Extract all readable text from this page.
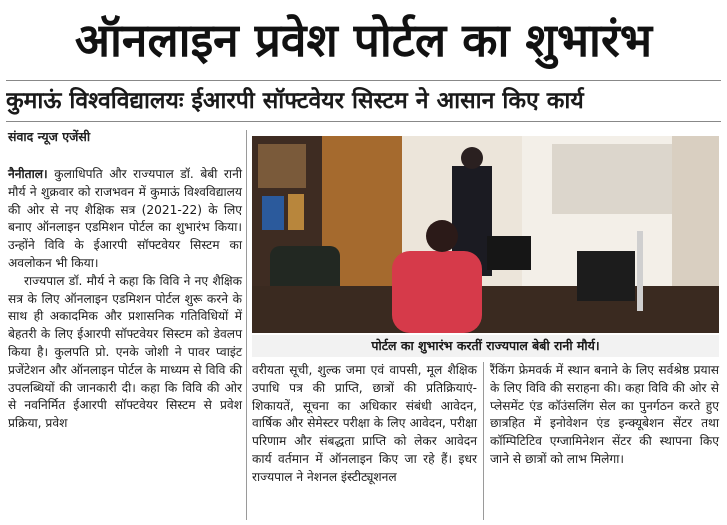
ऑनलाइन प्रवेश पोर्टल का शुभारंभ
कुमाऊं विश्वविद्यालयः ईआरपी सॉफ्टवेयर सिस्टम ने आसान किए कार्य
संवाद न्यूज एजेंसी

नैनीताल। कुलाधिपति और राज्यपाल डॉ. बेबी रानी मौर्य ने शुक्रवार को राजभवन में कुमाऊं विश्वविद्यालय की ओर से नए शैक्षिक सत्र (2021-22) के लिए बनाए ऑनलाइन एडमिशन पोर्टल का शुभारंभ किया। उन्होंने विवि के ईआरपी सॉफ्टवेयर सिस्टम का अवलोकन भी किया।

राज्यपाल डॉ. मौर्य ने कहा कि विवि ने नए शैक्षिक सत्र के लिए ऑनलाइन एडमिशन पोर्टल शुरू करने के साथ ही अकादमिक और प्रशासनिक गतिविधियों में बेहतरी के लिए ईआरपी सॉफ्टवेयर सिस्टम को डेवलप किया है। कुलपति प्रो. एनके जोशी ने पावर प्वाइंट प्रजेंटेशन और ऑनलाइन पोर्टल के माध्यम से विवि की उपलब्धियों की जानकारी दी। कहा कि विवि की ओर से नवनिर्मित ईआरपी सॉफ्टवेयर सिस्टम से प्रवेश प्रक्रिया, प्रवेश

पोर्टल का शुभारंभ करतीं राज्यपाल बेबी रानी मौर्य।

वरीयता सूची, शुल्क जमा एवं वापसी, मूल शैक्षिक उपाधि पत्र की प्राप्ति, छात्रों की प्रतिक्रियाएं-शिकायतें, सूचना का अधिकार संबंधी आवेदन, वार्षिक और सेमेस्टर परीक्षा के लिए आवेदन, परीक्षा परिणाम और संबद्धता प्राप्ति को लेकर आवेदन कार्य वर्तमान में ऑनलाइन किए जा रहे हैं। इधर राज्यपाल ने नेशनल इंस्टीट्यूशनल

रैंकिंग फ्रेमवर्क में स्थान बनाने के लिए सर्वश्रेष्ठ प्रयास के लिए विवि की सराहना की। कहा विवि की ओर से प्लेसमेंट एंड कॉउंसलिंग सेल का पुनर्गठन करते हुए छात्रहित में इनोवेशन एंड इन्क्यूबेशन सेंटर तथा कॉम्पिटिटिव एग्जामिनेशन सेंटर की स्थापना किए जाने से छात्रों को लाभ मिलेगा।
